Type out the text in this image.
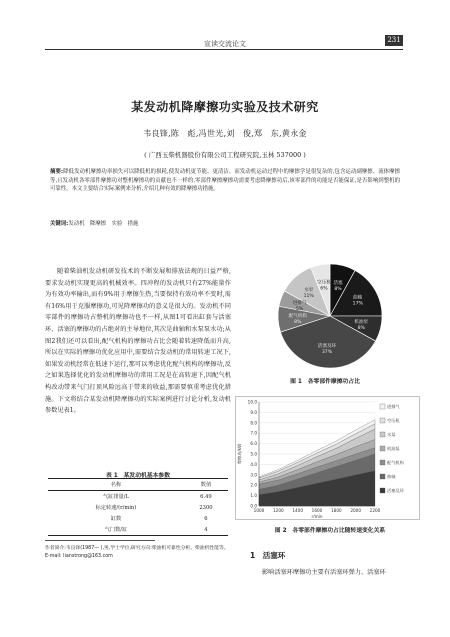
宣读交流论文	231
某发动机降摩擦功实验及技术研究
韦良锋,陈　彪,冯世光,刘　俊,郑　东,黄永金
( 广西玉柴机器股份有限公司工程研究院,玉林 537000 )
摘要:降低发动机摩擦功率损失可以降低机的损耗,使发动机更节能、更清洁。而发动机运动过程中的摩擦学是很复杂的,包含运动副摩擦、流体摩擦等,且发动机各零部件摩擦功对整机摩擦功的贡献也不一样的,零部件摩擦摩擦功需要考虑降摩擦功后,该零部件的功能是否能保证,是否影响到整机的可靠性。本文主要结合实际案例来分析,介绍几种有效的降摩擦功措施。
关键词:发动机　降摩擦　实验　措施
随着柴油机发动机研发技术的不断发展和排放法规的日益严格,要求发动机实现更高的机械效率。四冲程的发动机只有27%能量作为有效功率输出,而有9%用于摩擦生热,当要保持有效功率不变时,需有16%用于克服摩擦功,可见降摩擦功的意义是很大的。发动机不同零部件的摩擦功占整机的摩擦功也不一样,从图1可看出缸套与活塞环、活塞的摩擦功的占绝对的主导地位,其次是曲轴和水泵泵水功;从图2我们还可以看出,配气机构的摩擦功占比会随着转速降低而升高,所以在实际的摩擦功优化应用中,需要结合发动机的常用转速工况下,如果发动机经常在低速下运行,那可以考虑优化配气机构的摩擦功,反之如果选择优化的发动机摩擦功的常用工况是在高转速下,因配气机构改动带来气门打顶风险远高于带来的收益,那需要慎重考虑优化措施。下文将结合某发动机降摩擦功的实际案例进行讨论分析,发动机参数见表1。
表 1　某发动机基本参数
名称	数值
气缸排量/L	6.49
标定转速/(r/min)	2300
缸数	6
气门数/缸	4
作者简介:韦良锋(1987— ),男,学士学位,研究方向:柴油机可靠性分析。柴油机性能等。
E-mail: lianstrong@163.com
活塞
8%
曲轴
17%
机油泵
8%
活塞及环
37%
配气机构
8%
进排气
5%
水泵
11%
空压机
6%
图 1　各零部件摩擦功占比
0.0
1.0
2.0
3.0
4.0
5.0
6.0
7.0
8.0
9.0
10.0
1000 1200 1400 1600 1800 2000 2200
r/min
摩擦功/kW
进排气
空压机
水泵
机油泵
配气机构
曲轴
活塞及环
图 2　各零部件摩擦功占比随转速变化关系
1　活塞环
影响活塞环摩擦功主要有活塞环弹力、活塞环
